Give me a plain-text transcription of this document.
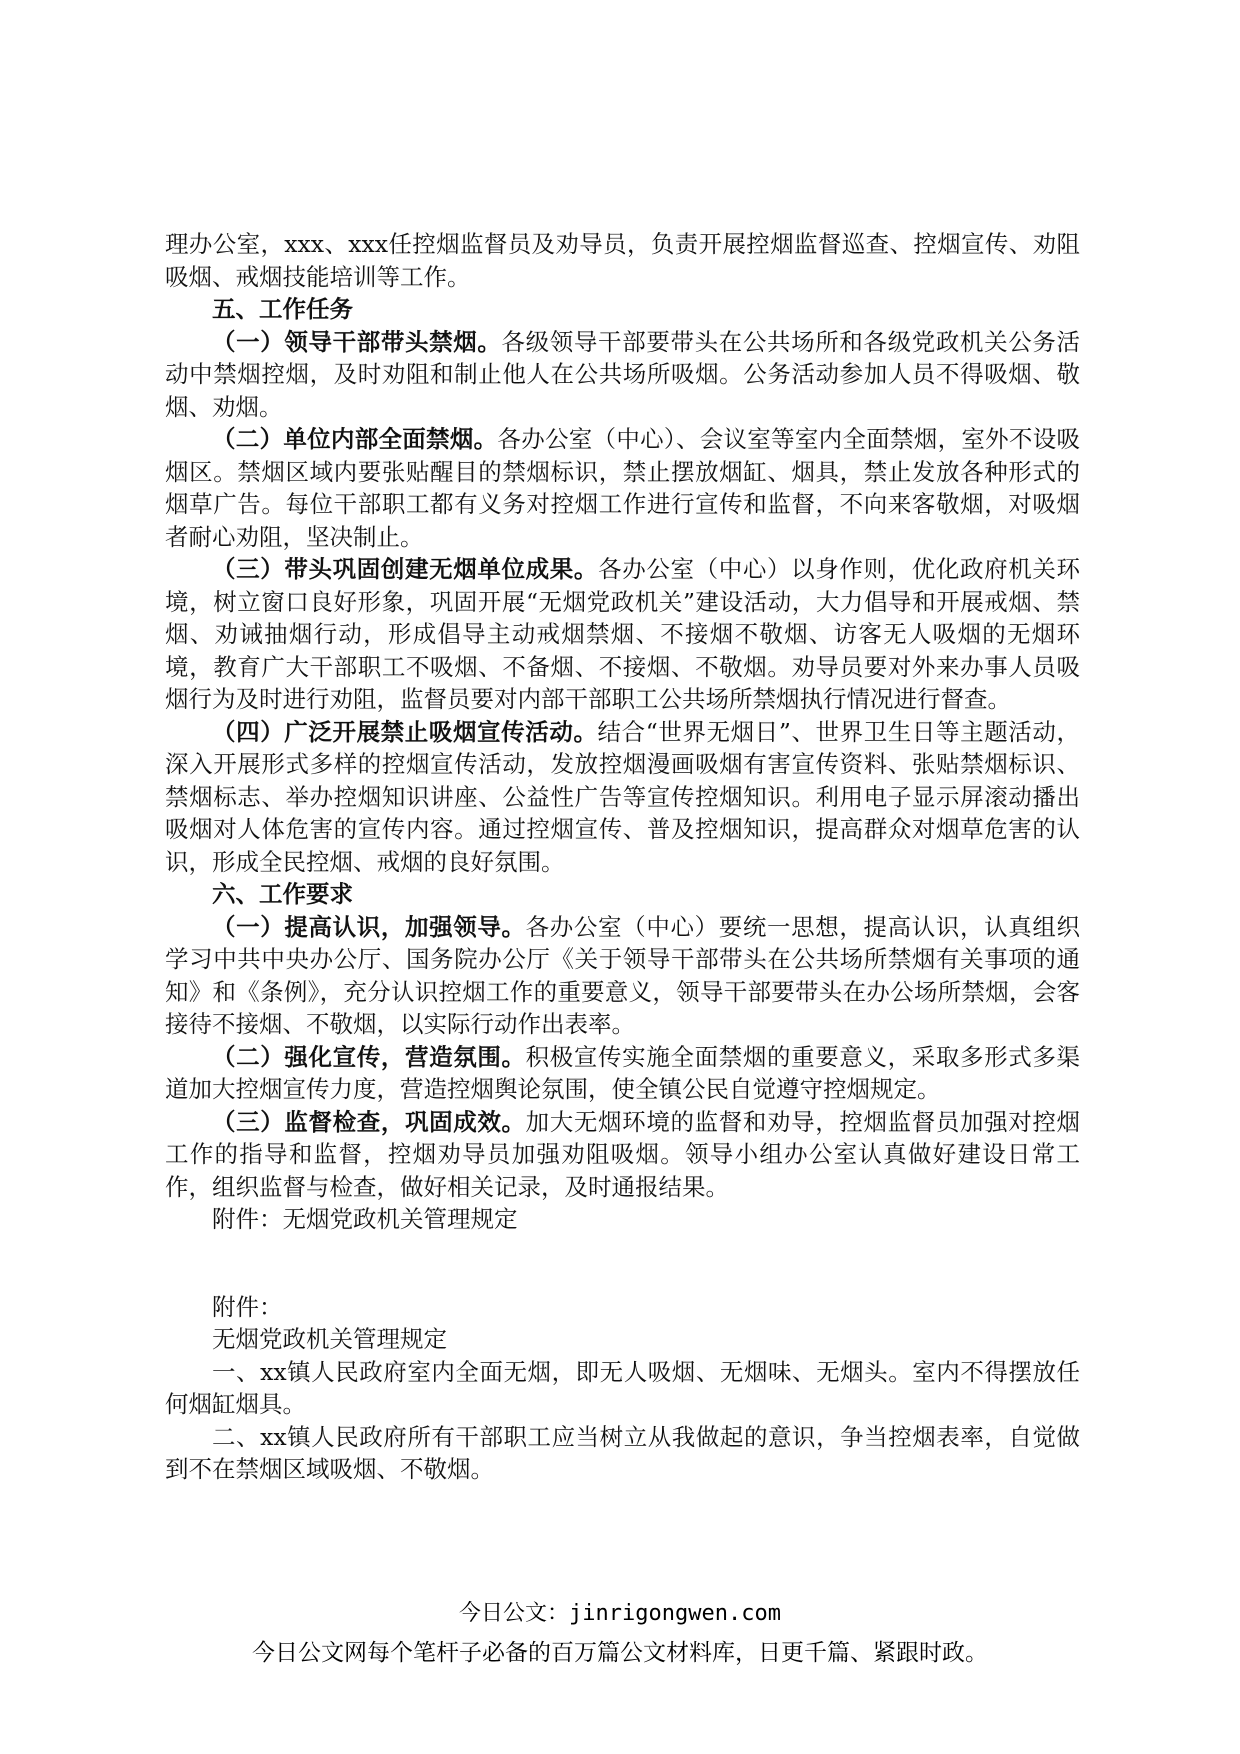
理办公室，xxx、xxx任控烟监督员及劝导员，负责开展控烟监督巡查、控烟宣传、劝阻吸烟、戒烟技能培训等工作。

五、工作任务

（一）领导干部带头禁烟。各级领导干部要带头在公共场所和各级党政机关公务活动中禁烟控烟，及时劝阻和制止他人在公共场所吸烟。公务活动参加人员不得吸烟、敬烟、劝烟。

（二）单位内部全面禁烟。各办公室（中心）、会议室等室内全面禁烟，室外不设吸烟区。禁烟区域内要张贴醒目的禁烟标识，禁止摆放烟缸、烟具，禁止发放各种形式的烟草广告。每位干部职工都有义务对控烟工作进行宣传和监督，不向来客敬烟，对吸烟者耐心劝阻，坚决制止。

（三）带头巩固创建无烟单位成果。各办公室（中心）以身作则，优化政府机关环境，树立窗口良好形象，巩固开展“无烟党政机关”建设活动，大力倡导和开展戒烟、禁烟、劝诫抽烟行动，形成倡导主动戒烟禁烟、不接烟不敬烟、访客无人吸烟的无烟环境，教育广大干部职工不吸烟、不备烟、不接烟、不敬烟。劝导员要对外来办事人员吸烟行为及时进行劝阻，监督员要对内部干部职工公共场所禁烟执行情况进行督查。

（四）广泛开展禁止吸烟宣传活动。结合“世界无烟日”、世界卫生日等主题活动，深入开展形式多样的控烟宣传活动，发放控烟漫画吸烟有害宣传资料、张贴禁烟标识、禁烟标志、举办控烟知识讲座、公益性广告等宣传控烟知识。利用电子显示屏滚动播出吸烟对人体危害的宣传内容。通过控烟宣传、普及控烟知识，提高群众对烟草危害的认识，形成全民控烟、戒烟的良好氛围。

六、工作要求

（一）提高认识，加强领导。各办公室（中心）要统一思想，提高认识，认真组织学习中共中央办公厅、国务院办公厅《关于领导干部带头在公共场所禁烟有关事项的通知》和《条例》，充分认识控烟工作的重要意义，领导干部要带头在办公场所禁烟，会客接待不接烟、不敬烟，以实际行动作出表率。

（二）强化宣传，营造氛围。积极宣传实施全面禁烟的重要意义，采取多形式多渠道加大控烟宣传力度，营造控烟舆论氛围，使全镇公民自觉遵守控烟规定。

（三）监督检查，巩固成效。加大无烟环境的监督和劝导，控烟监督员加强对控烟工作的指导和监督，控烟劝导员加强劝阻吸烟。领导小组办公室认真做好建设日常工作，组织监督与检查，做好相关记录，及时通报结果。

附件：无烟党政机关管理规定

附件：

无烟党政机关管理规定

一、xx镇人民政府室内全面无烟，即无人吸烟、无烟味、无烟头。室内不得摆放任何烟缸烟具。

二、xx镇人民政府所有干部职工应当树立从我做起的意识，争当控烟表率，自觉做到不在禁烟区域吸烟、不敬烟。

今日公文：jinrigongwen.com
今日公文网每个笔杆子必备的百万篇公文材料库，日更千篇、紧跟时政。
